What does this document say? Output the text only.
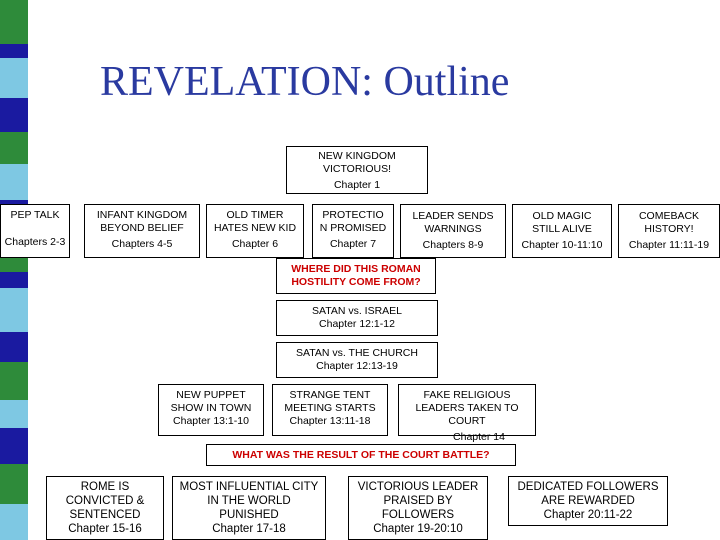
REVELATION: Outline
NEW KINGDOM
VICTORIOUS!
Chapter 1
PEP TALK
Chapters 2-3
INFANT KINGDOM
BEYOND BELIEF
Chapters 4-5
OLD TIMER
HATES NEW KID
Chapter 6
PROTECTIO
N PROMISED
Chapter 7
LEADER SENDS
WARNINGS
Chapters 8-9
OLD MAGIC
STILL ALIVE
Chapter 10-11:10
COMEBACK
HISTORY!
Chapter 11:11-19
WHERE DID THIS ROMAN
HOSTILITY COME FROM?
SATAN vs. ISRAEL
Chapter 12:1-12
SATAN vs. THE CHURCH
Chapter 12:13-19
NEW PUPPET
SHOW IN TOWN
Chapter 13:1-10
STRANGE TENT
MEETING STARTS
Chapter 13:11-18
FAKE RELIGIOUS
LEADERS TAKEN TO
COURT
Chapter 14
WHAT WAS THE RESULT OF THE COURT BATTLE?
ROME IS
CONVICTED &
SENTENCED
Chapter 15-16
MOST INFLUENTIAL CITY
IN THE WORLD
PUNISHED
Chapter 17-18
VICTORIOUS LEADER
PRAISED BY
FOLLOWERS
Chapter 19-20:10
DEDICATED FOLLOWERS
ARE REWARDED
Chapter 20:11-22
